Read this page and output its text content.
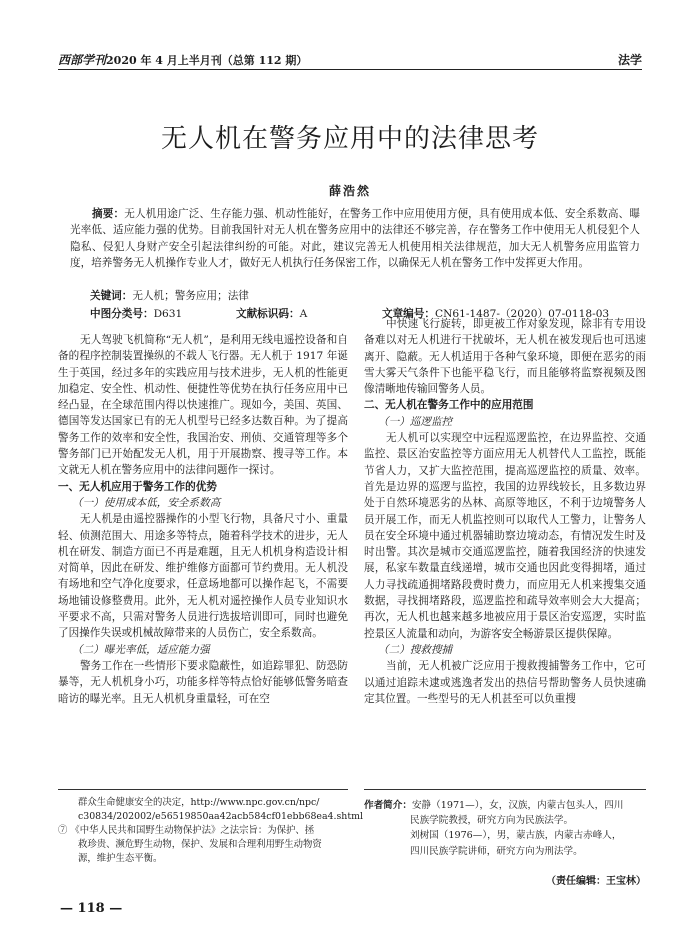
西部学刊2020 年 4 月上半月刊（总第 112 期）	法学
无人机在警务应用中的法律思考
薛浩然
摘要：无人机用途广泛、生存能力强、机动性能好，在警务工作中应用使用方便，具有使用成本低、安全系数高、曝光率低、适应能力强的优势。目前我国针对无人机在警务应用中的法律还不够完善，存在警务工作中使用无人机侵犯个人隐私、侵犯人身财产安全引起法律纠纷的可能。对此，建议完善无人机使用相关法律规范，加大无人机警务应用监管力度，培养警务无人机操作专业人才，做好无人机执行任务保密工作，以确保无人机在警务工作中发挥更大作用。
关键词：无人机；警务应用；法律
中图分类号：D631	文献标识码：A	文章编号：CN61-1487-（2020）07-0118-03

无人驾驶飞机简称“无人机”，是利用无线电遥控设备和自备的程序控制装置操纵的不载人飞行器。无人机于 1917 年诞生于英国，经过多年的实践应用与技术进步，无人机的性能更加稳定、安全性、机动性、便捷性等优势在执行任务应用中已经凸显，在全球范围内得以快速推广。现如今，美国、英国、德国等发达国家已有的无人机型号已经多达数百种。为了提高警务工作的效率和安全性，我国治安、刑侦、交通管理等多个警务部门已开始配发无人机，用于开展勘察、搜寻等工作。本文就无人机在警务应用中的法律问题作一探讨。

一、无人机应用于警务工作的优势

（一）使用成本低，安全系数高

无人机是由遥控器操作的小型飞行物，具备尺寸小、重量轻、侦测范围大、用途多等特点，随着科学技术的进步，无人机在研发、制造方面已不再是难题，且无人机机身构造设计相对简单，因此在研发、维护维修方面都可节约费用。无人机没有场地和空气净化度要求，任意场地都可以操作起飞，不需要场地铺设修整费用。此外，无人机对遥控操作人员专业知识水平要求不高，只需对警务人员进行选拔培训即可，同时也避免了因操作失误或机械故障带来的人员伤亡，安全系数高。

（二）曝光率低，适应能力强

警务工作在一些情形下要求隐蔽性，如追踪罪犯、防恐防暴等，无人机机身小巧，功能多样等特点恰好能够低警务暗查暗访的曝光率。且无人机机身重量轻，可在空

中快速飞行旋转，即更被工作对象发现，除非有专用设备难以对无人机进行干扰破坏，无人机在被发现后也可迅速离开、隐蔽。无人机适用于各种气象环境，即便在恶劣的雨雪大雾天气条件下也能平稳飞行，而且能够将监察视频及图像清晰地传输回警务人员。

二、无人机在警务工作中的应用范围

（一）巡逻监控

无人机可以实现空中远程巡逻监控，在边界监控、交通监控、景区治安监控等方面应用无人机替代人工监控，既能节省人力，又扩大监控范围，提高巡逻监控的质量、效率。首先是边界的巡逻与监控，我国的边界线较长，且多数边界处于自然环境恶劣的丛林、高原等地区，不利于边境警务人员开展工作，而无人机监控则可以取代人工警力，让警务人员在安全环境中通过机器辅助察边境动态，有情况发生时及时出警。其次是城市交通巡逻监控，随着我国经济的快速发展，私家车数量直线递增，城市交通也因此变得拥堵，通过人力寻找疏通拥堵路段费时费力，而应用无人机来搜集交通数据，寻找拥堵路段，巡逻监控和疏导效率则会大大提高；再次，无人机也越来越多地被应用于景区治安巡逻，实时监控景区人流量和动向，为游客安全畅游景区提供保障。

（二）搜救搜捕

当前，无人机被广泛应用于搜救搜捕警务工作中，它可以通过追踪未逮或逃逸者发出的热信号帮助警务人员快速确定其位置。一些型号的无人机甚至可以负重搜

群众生命健康安全的决定，http://www.npc.gov.cn/npc/

c30834/202002/e56519850aa42acb584cf01ebb68ea4.shtml

⑦ 《中华人民共和国野生动物保护法》之法宗旨：为保护、拯

救珍贵、濒危野生动物，保护、发展和合理利用野生动物资

源，维护生态平衡。

作者简介：安静（1971—），女，汉族，内蒙古包头人，四川

民族学院教授，研究方向为民族法学。

刘树国（1976—），男，蒙古族，内蒙古赤峰人，

四川民族学院讲师，研究方向为刑法学。

（责任编辑：王宝林）
— 118 —
